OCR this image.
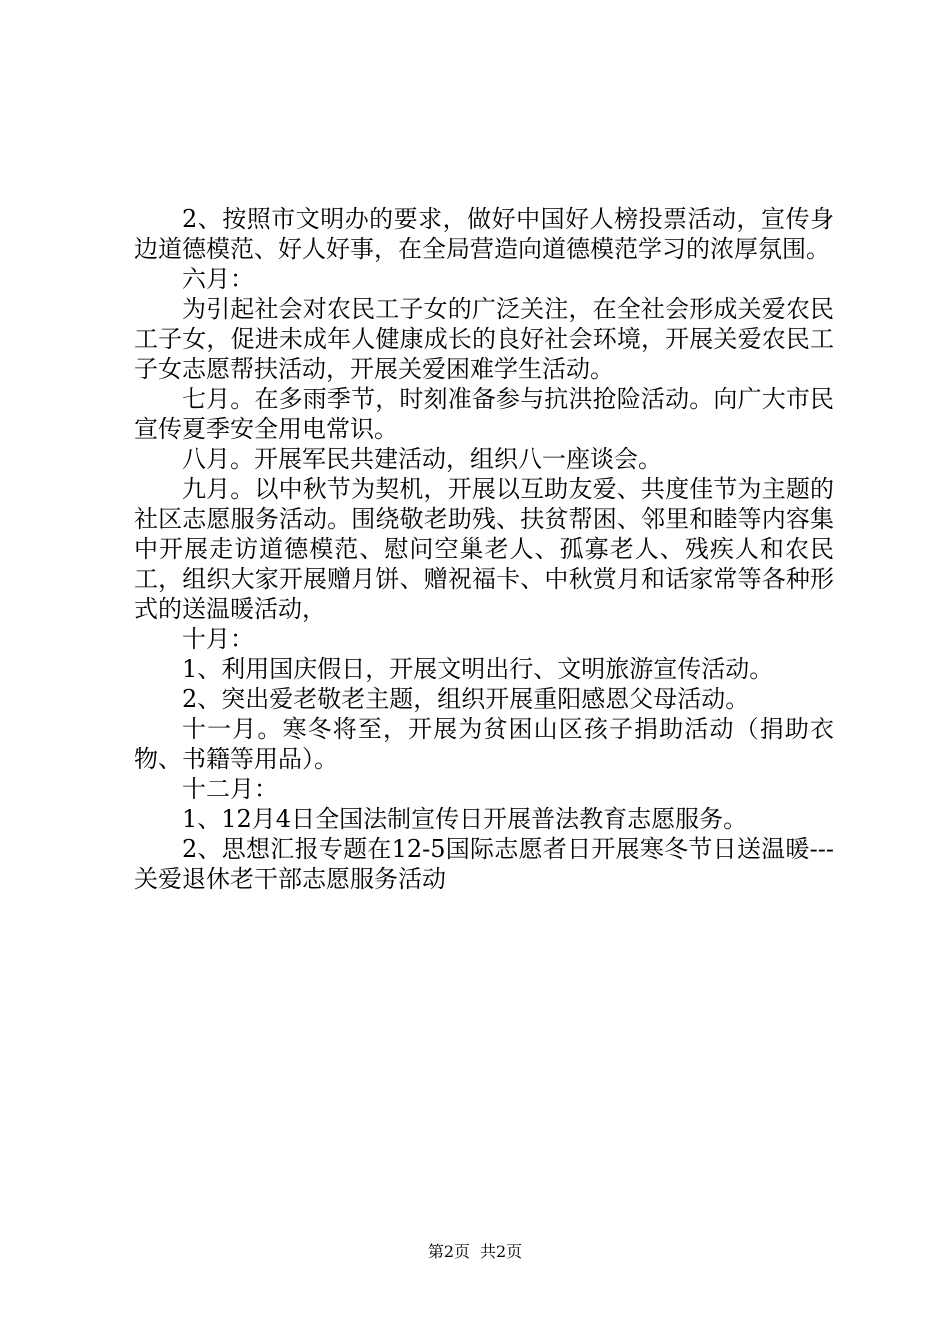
2、按照市文明办的要求，做好中国好人榜投票活动，宣传身边道德模范、好人好事，在全局营造向道德模范学习的浓厚氛围。

六月：

为引起社会对农民工子女的广泛关注，在全社会形成关爱农民工子女，促进未成年人健康成长的良好社会环境，开展关爱农民工子女志愿帮扶活动，开展关爱困难学生活动。

七月。在多雨季节，时刻准备参与抗洪抢险活动。向广大市民宣传夏季安全用电常识。

八月。开展军民共建活动，组织八一座谈会。

九月。以中秋节为契机，开展以互助友爱、共度佳节为主题的社区志愿服务活动。围绕敬老助残、扶贫帮困、邻里和睦等内容集中开展走访道德模范、慰问空巢老人、孤寡老人、残疾人和农民工，组织大家开展赠月饼、赠祝福卡、中秋赏月和话家常等各种形式的送温暖活动，

十月：

1、利用国庆假日，开展文明出行、文明旅游宣传活动。

2、突出爱老敬老主题，组织开展重阳感恩父母活动。

十一月。寒冬将至，开展为贫困山区孩子捐助活动（捐助衣物、书籍等用品）。

十二月：

1、12月4日全国法制宣传日开展普法教育志愿服务。

2、思想汇报专题在12-5国际志愿者日开展寒冬节日送温暖---关爱退休老干部志愿服务活动

第2页 共2页
